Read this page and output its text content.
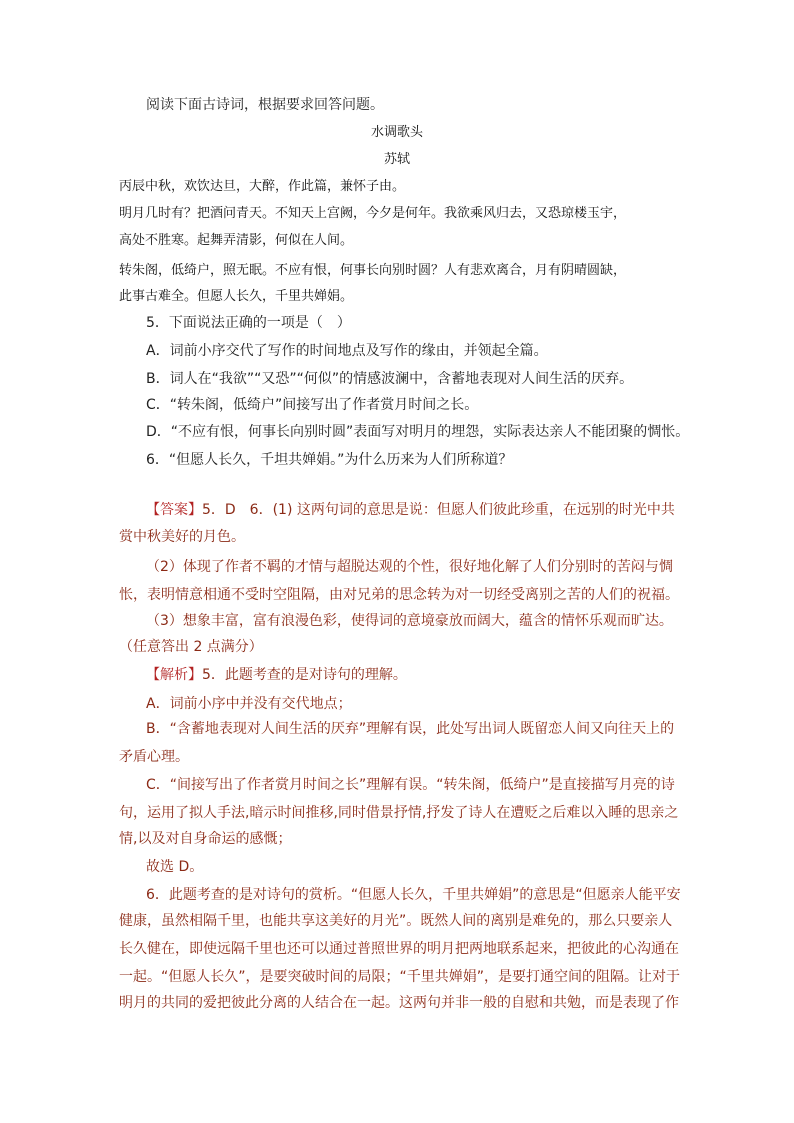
阅读下面古诗词，根据要求回答问题。
水调歌头
苏轼
丙辰中秋，欢饮达旦，大醉，作此篇，兼怀子由。
明月几时有？把酒问青天。不知天上宫阙，今夕是何年。我欲乘风归去，又恐琼楼玉宇，
高处不胜寒。起舞弄清影，何似在人间。
转朱阁，低绮户，照无眠。不应有恨，何事长向别时圆？人有悲欢离合，月有阴晴圆缺，
此事古难全。但愿人长久，千里共婵娟。
5．下面说法正确的一项是（　）
A．词前小序交代了写作的时间地点及写作的缘由，并领起全篇。
B．词人在“我欲”“又恐”“何似”的情感波澜中，含蓄地表现对人间生活的厌弃。
C．“转朱阁，低绮户”间接写出了作者赏月时间之长。
D．“不应有恨，何事长向别时圆”表面写对明月的埋怨，实际表达亲人不能团聚的惆怅。
6．“但愿人长久，千坦共婵娟。”为什么历来为人们所称道？
【答案】5．D　6．(1) 这两句词的意思是说：但愿人们彼此珍重，在远别的时光中共
赏中秋美好的月色。
（2）体现了作者不羁的才情与超脱达观的个性，很好地化解了人们分别时的苦闷与惆
怅，表明情意相通不受时空阻隔，由对兄弟的思念转为对一切经受离别之苦的人们的祝福。
（3）想象丰富，富有浪漫色彩，使得词的意境豪放而阔大，蕴含的情怀乐观而旷达。
（任意答出 2 点满分）
【解析】5．此题考查的是对诗句的理解。
A．词前小序中并没有交代地点；
B．“含蓄地表现对人间生活的厌弃”理解有误，此处写出词人既留恋人间又向往天上的
矛盾心理。
C．“间接写出了作者赏月时间之长”理解有误。“转朱阁，低绮户”是直接描写月亮的诗
句，运用了拟人手法,暗示时间推移,同时借景抒情,抒发了诗人在遭贬之后难以入睡的思亲之
情,以及对自身命运的感慨；
故选 D。
6．此题考查的是对诗句的赏析。“但愿人长久，千里共婵娟”的意思是“但愿亲人能平安
健康，虽然相隔千里，也能共享这美好的月光”。既然人间的离别是难免的，那么只要亲人
长久健在，即使远隔千里也还可以通过普照世界的明月把两地联系起来，把彼此的心沟通在
一起。“但愿人长久”，是要突破时间的局限；“千里共婵娟”，是要打通空间的阻隔。让对于
明月的共同的爱把彼此分离的人结合在一起。这两句并非一般的自慰和共勉，而是表现了作
